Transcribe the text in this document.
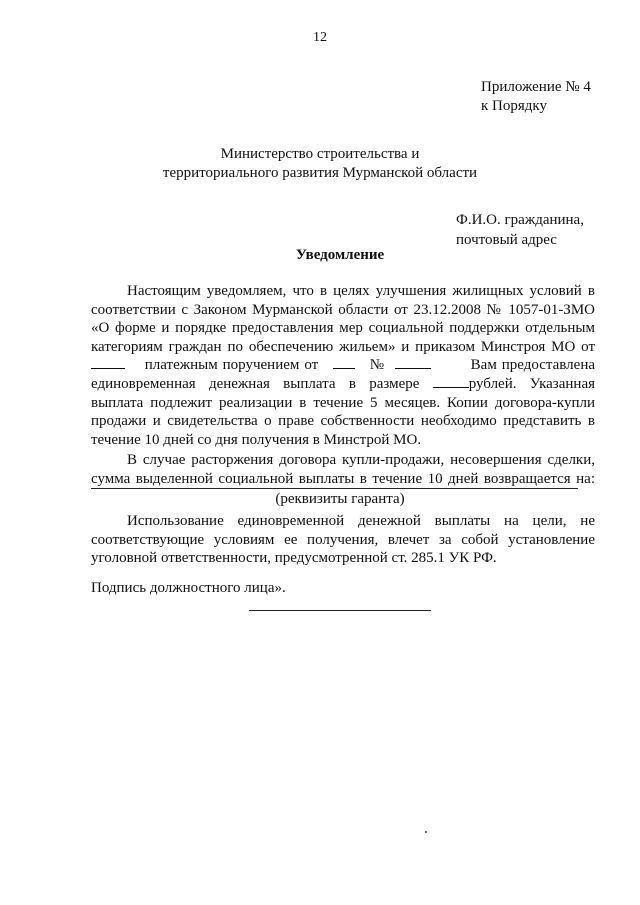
12
Приложение № 4
к Порядку
Министерство строительства и
территориального развития Мурманской области
Ф.И.О. гражданина,
почтовый адрес
Уведомление
Настоящим уведомляем, что в целях улучшения жилищных условий в
соответствии с Законом Мурманской области от 23.12.2008 № 1057-01-ЗМО
«О форме и порядке предоставления мер социальной поддержки отдельным
категориям граждан по обеспечению жильем» и приказом Минстроя МО от
платежным поручением от	№	Вам предоставлена
единовременная денежная выплата в размере	рублей. Указанная
выплата подлежит реализации в течение 5 месяцев. Копии договора-купли
продажи и свидетельства о праве собственности необходимо представить в
течение 10 дней со дня получения в Минстрой МО.
В случае расторжения договора купли-продажи, несовершения сделки,
сумма выделенной социальной выплаты в течение 10 дней возвращается на:
(реквизиты гаранта)
Использование единовременной денежной выплаты на цели, не
соответствующие условиям ее получения, влечет за собой установление
уголовной ответственности, предусмотренной ст. 285.1 УК РФ.
Подпись должностного лица».
